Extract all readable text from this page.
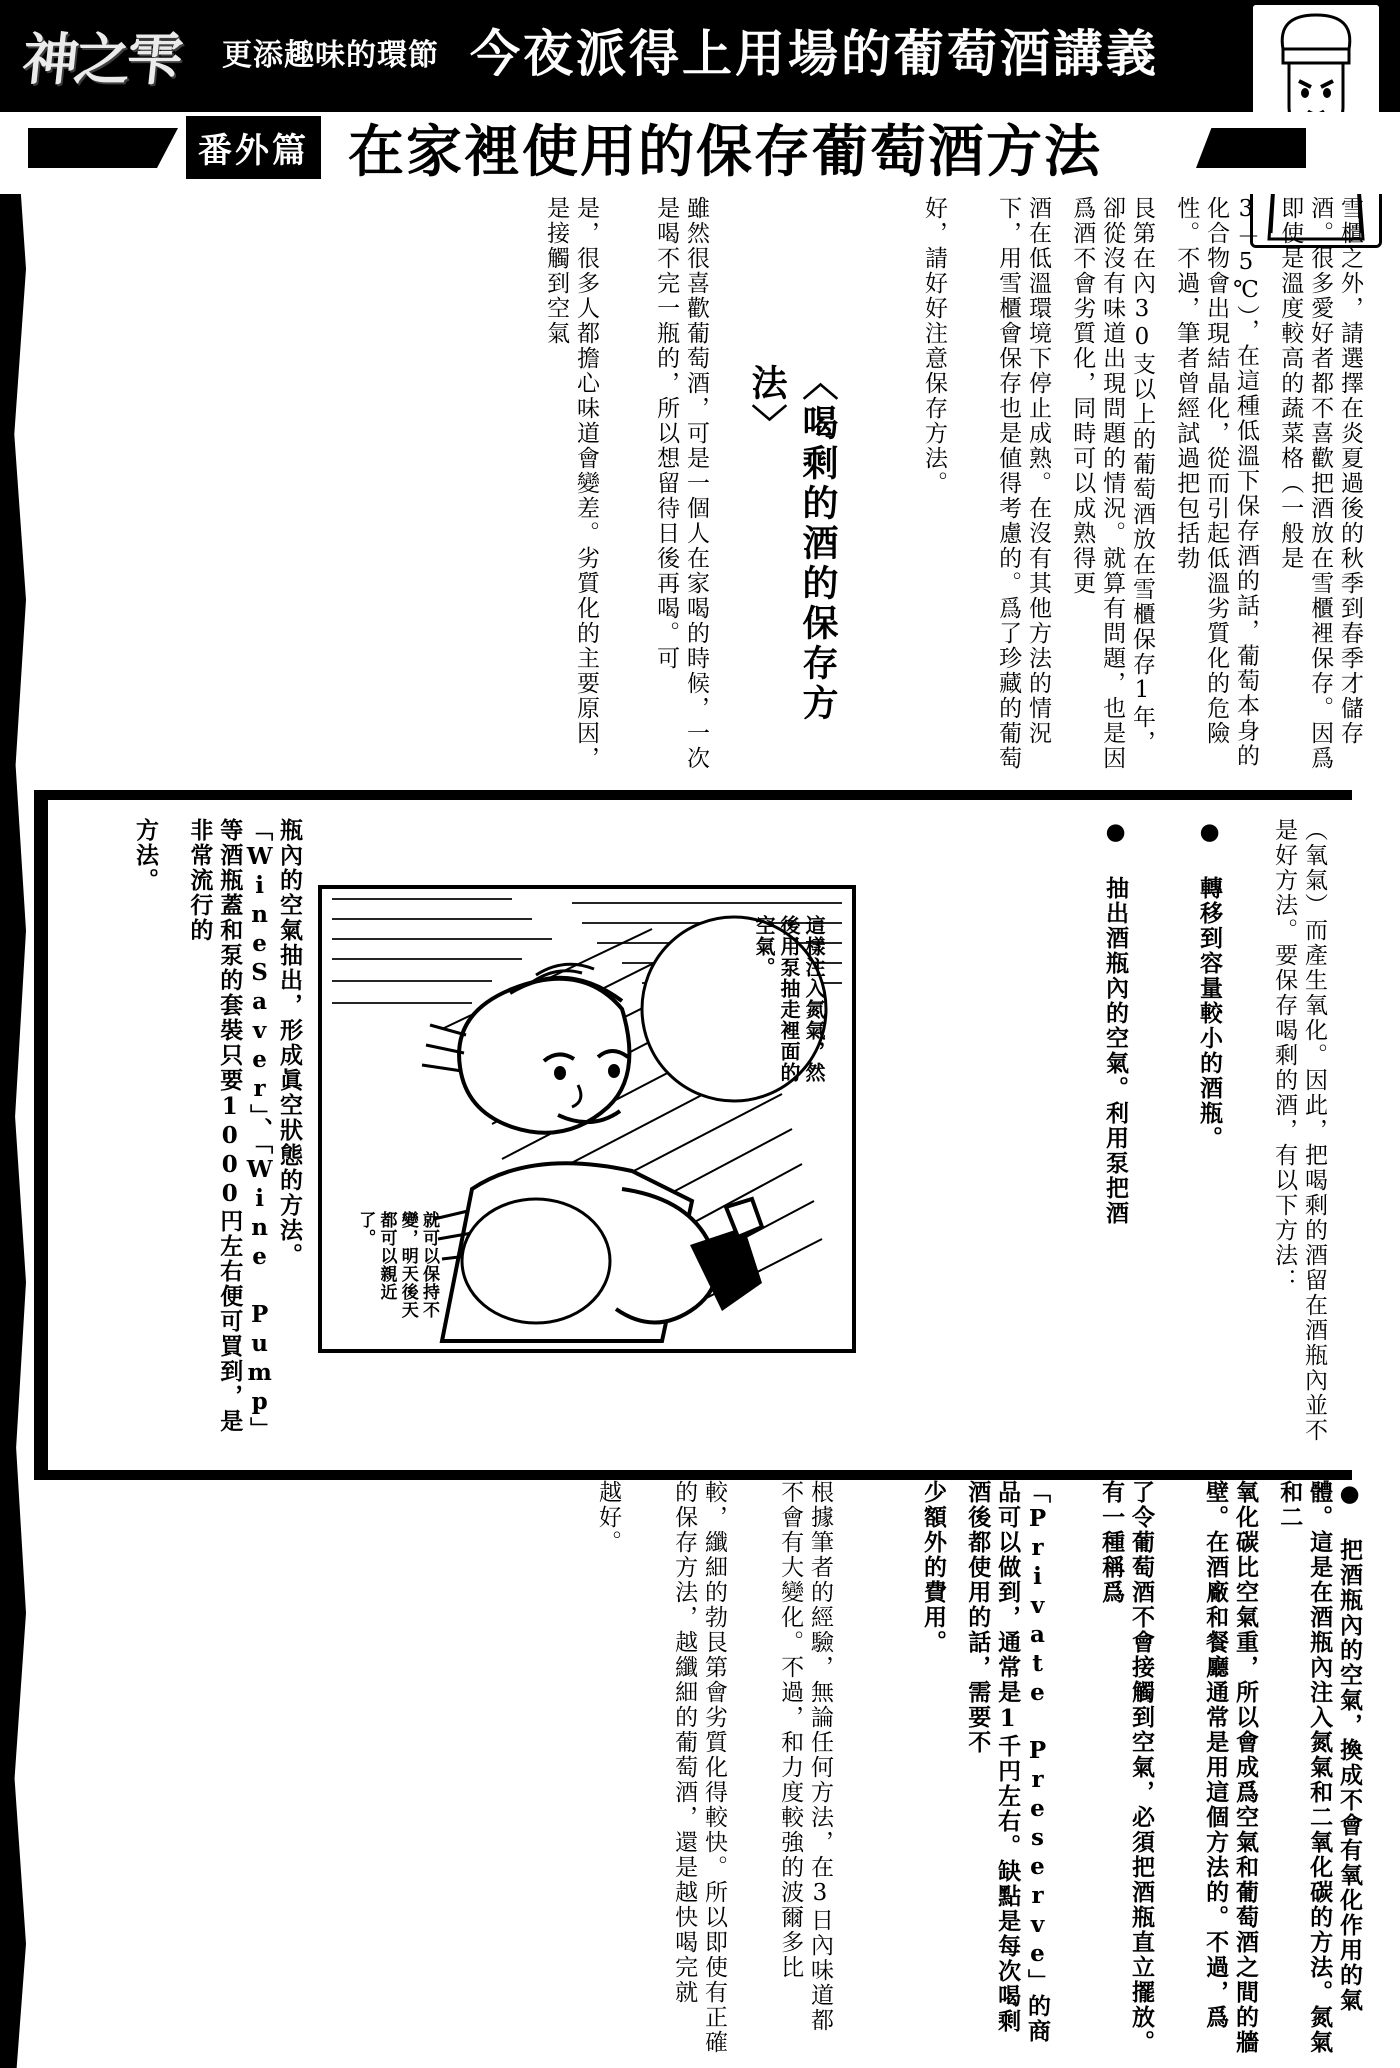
神之雫 更添趣味的環節 今夜派得上用場的葡萄酒講義
番外篇 在家裡使用的保存葡萄酒方法
雪櫃之外，請選擇在炎夏過後的秋季到春季才儲存酒。很多愛好者都不喜歡把酒放在雪櫃裡保存。因爲即使是溫度較高的蔬菜格（一般是
3－5℃），在這種低溫下保存酒的話，葡萄本身的化合物會出現結晶化，從而引起低溫劣質化的危險性。不過，筆者曾經試過把包括勃
艮第在內30支以上的葡萄酒放在雪櫃保存1年，卻從沒有味道出現問題的情況。就算有問題，也是因爲酒不會劣質化，同時可以成熟得更
酒在低溫環境下停止成熟。在沒有其他方法的情況下，用雪櫃會保存也是値得考慮的。爲了珍藏的葡萄
好，請好好注意保存方法。
〈喝剩的酒的保存方法〉
雖然很喜歡葡萄酒，可是一個人在家喝的時候，一次是喝不完一瓶的，所以想留待日後再喝。可
是，很多人都擔心味道會變差。劣質化的主要原因，是接觸到空氣
（氧氣）而產生氧化。因此，把喝剩的酒留在酒瓶內並不是好方法。要保存喝剩的酒，有以下方法：
● 轉移到容量較小的酒瓶。
● 抽出酒瓶內的空氣。利用泵把酒
瓶內的空氣抽出，形成眞空狀態的方法。「WineSaver」、「Wine Pump」等酒瓶蓋和泵的套裝只要1000円左右便可買到，是非常流行的
方法。
這樣注入氮氣，然後用泵抽走裡面的空氣。
就可以保持不變，明天後天都可以親近了。
● 把酒瓶內的空氣，換成不會有氧化作用的氣體。這是在酒瓶內注入氮氣和二氧化碳的方法。氮氣和二
氧化碳比空氣重，所以會成爲空氣和葡萄酒之間的牆壁。在酒廠和餐廳通常是用這個方法的。不過，爲
了令葡萄酒不會接觸到空氣，必須把酒瓶直立擺放。有一種稱爲
「Private Preserve」的商品可以做到，通常是1千円左右。缺點是每次喝剩酒後都使用的話，需要不
少額外的費用。
根據筆者的經驗，無論任何方法，在3日內味道都不會有大變化。不過，和力度較強的波爾多比
較，纖細的勃艮第會劣質化得較快。所以即使有正確的保存方法，越纖細的葡萄酒，還是越快喝完就
越好。
